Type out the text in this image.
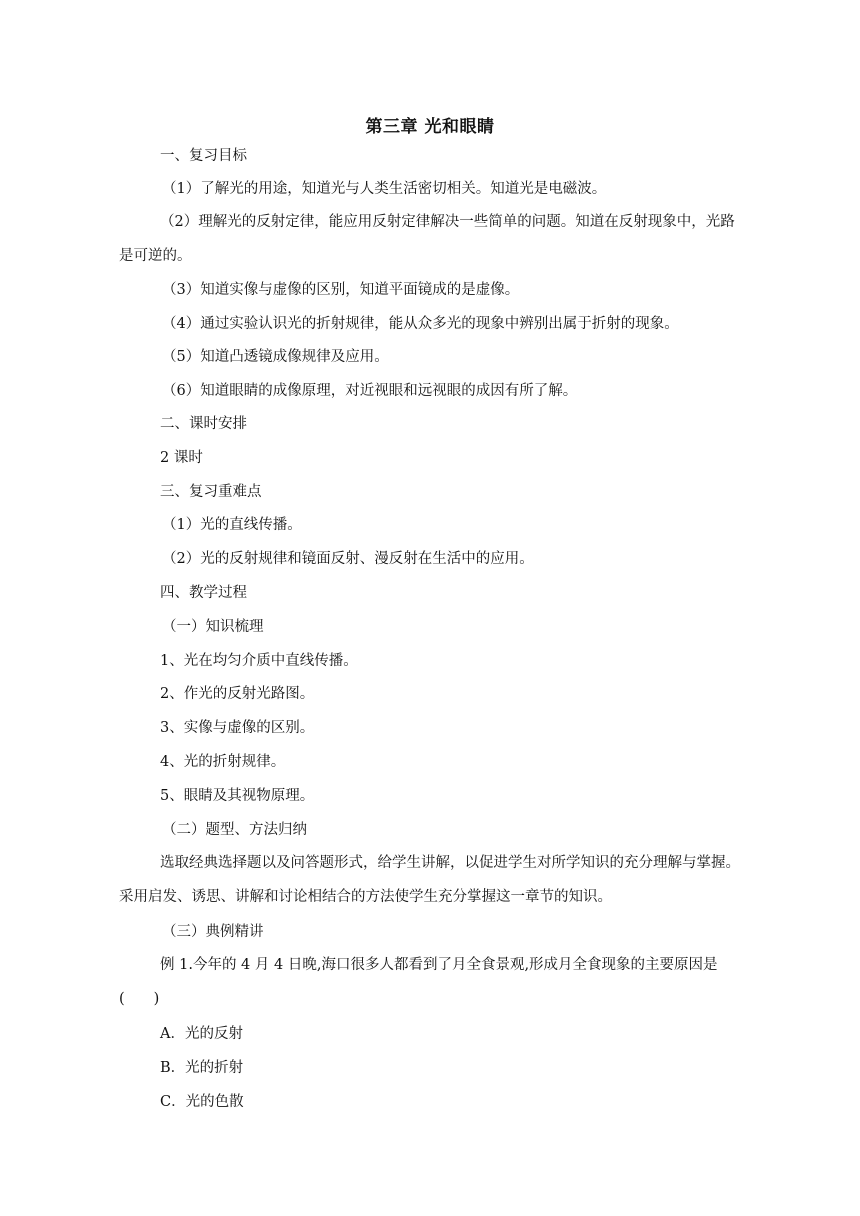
第三章 光和眼睛
一、复习目标
（1）了解光的用途，知道光与人类生活密切相关。知道光是电磁波。
（2）理解光的反射定律，能应用反射定律解决一些简单的问题。知道在反射现象中，光路是可逆的。
（3）知道实像与虚像的区别，知道平面镜成的是虚像。
（4）通过实验认识光的折射规律，能从众多光的现象中辨别出属于折射的现象。
（5）知道凸透镜成像规律及应用。
（6）知道眼睛的成像原理，对近视眼和远视眼的成因有所了解。
二、课时安排
2 课时
三、复习重难点
（1）光的直线传播。
（2）光的反射规律和镜面反射、漫反射在生活中的应用。
四、教学过程
（一）知识梳理
1、光在均匀介质中直线传播。
2、作光的反射光路图。
3、实像与虚像的区别。
4、光的折射规律。
5、眼睛及其视物原理。
（二）题型、方法归纳
选取经典选择题以及问答题形式，给学生讲解，以促进学生对所学知识的充分理解与掌握。采用启发、诱思、讲解和讨论相结合的方法使学生充分掌握这一章节的知识。
（三）典例精讲
例 1.今年的 4 月 4 日晚,海口很多人都看到了月全食景观,形成月全食现象的主要原因是(　　)
A．光的反射
B．光的折射
C．光的色散
